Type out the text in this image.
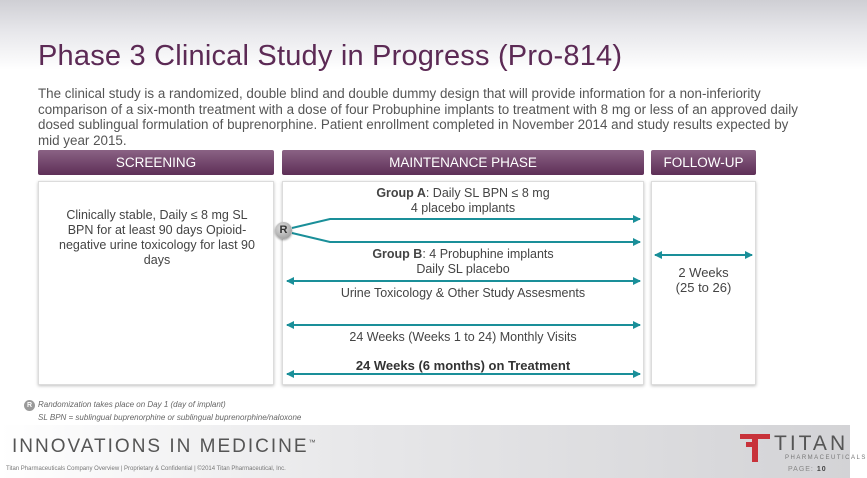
Phase 3 Clinical Study in Progress (Pro-814)

The clinical study is a randomized, double blind and double dummy design that will provide information for a non-inferiority comparison of a six-month treatment with a dose of four Probuphine implants to treatment with 8 mg or less of an approved daily dosed sublingual formulation of buprenorphine. Patient enrollment completed in November 2014 and study results expected by mid year 2015.

SCREENING	MAINTENANCE PHASE	FOLLOW-UP
Clinically stable, Daily ≤ 8 mg SL BPN for at least 90 days Opioid-negative urine toxicology for last 90 days
Group A: Daily SL BPN ≤ 8 mg
4 placebo implants
Group B: 4 Probuphine implants
Daily SL placebo
Urine Toxicology & Other Study Assesments
24 Weeks (Weeks 1 to 24) Monthly Visits
24 Weeks (6 months) on Treatment
2 Weeks
(25 to 26)
R
R Randomization takes place on Day 1 (day of implant)
SL BPN = sublingual buprenorphine or sublingual buprenorphine/naloxone
INNOVATIONS IN MEDICINE™
Titan Pharmaceuticals Company Overview | Proprietary & Confidential | ©2014 Titan Pharmaceutical, Inc.
TITAN
PHARMACEUTICALS
PAGE: 10
